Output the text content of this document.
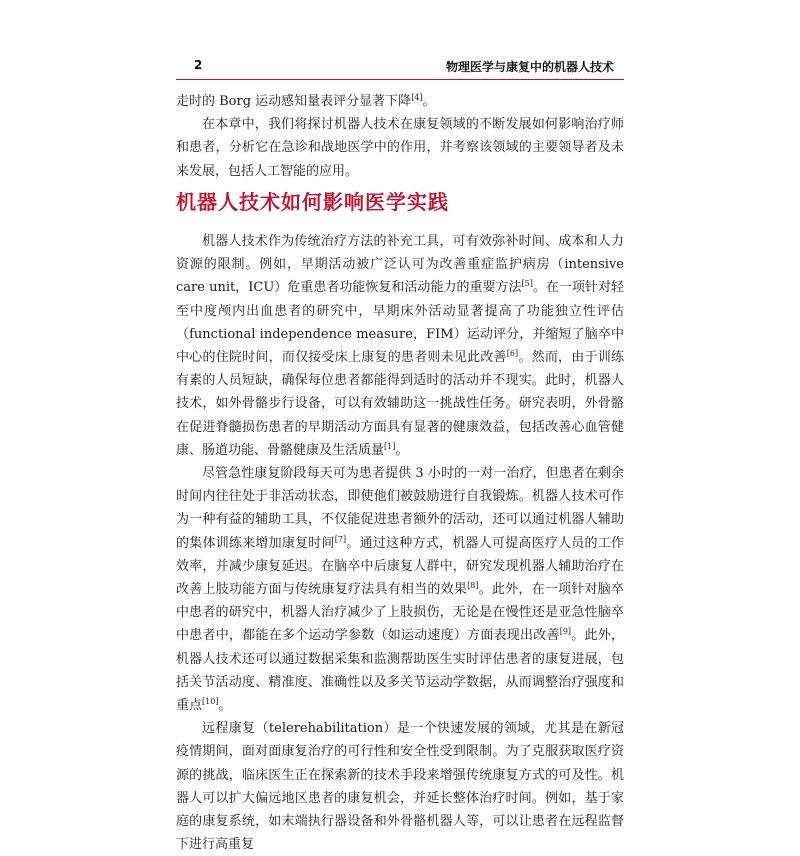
2	物理医学与康复中的机器人技术

走时的 Borg 运动感知量表评分显著下降[4]。

在本章中，我们将探讨机器人技术在康复领域的不断发展如何影响治疗师和患者，分析它在急诊和战地医学中的作用，并考察该领域的主要领导者及未来发展，包括人工智能的应用。

机器人技术如何影响医学实践

机器人技术作为传统治疗方法的补充工具，可有效弥补时间、成本和人力资源的限制。例如，早期活动被广泛认可为改善重症监护病房（intensive care unit，ICU）危重患者功能恢复和活动能力的重要方法[5]。在一项针对轻至中度颅内出血患者的研究中，早期床外活动显著提高了功能独立性评估（functional independence measure，FIM）运动评分，并缩短了脑卒中中心的住院时间，而仅接受床上康复的患者则未见此改善[6]。然而，由于训练有素的人员短缺，确保每位患者都能得到适时的活动并不现实。此时，机器人技术，如外骨骼步行设备，可以有效辅助这一挑战性任务。研究表明，外骨骼在促进脊髓损伤患者的早期活动方面具有显著的健康效益，包括改善心血管健康、肠道功能、骨骼健康及生活质量[1]。

尽管急性康复阶段每天可为患者提供 3 小时的一对一治疗，但患者在剩余时间内往往处于非活动状态，即使他们被鼓励进行自我锻炼。机器人技术可作为一种有益的辅助工具，不仅能促进患者额外的活动，还可以通过机器人辅助的集体训练来增加康复时间[7]。通过这种方式，机器人可提高医疗人员的工作效率，并减少康复延迟。在脑卒中后康复人群中，研究发现机器人辅助治疗在改善上肢功能方面与传统康复疗法具有相当的效果[8]。此外，在一项针对脑卒中患者的研究中，机器人治疗减少了上肢损伤，无论是在慢性还是亚急性脑卒中患者中，都能在多个运动学参数（如运动速度）方面表现出改善[9]。此外，机器人技术还可以通过数据采集和监测帮助医生实时评估患者的康复进展，包括关节活动度、精准度、准确性以及多关节运动学数据，从而调整治疗强度和重点[10]。

远程康复（telerehabilitation）是一个快速发展的领域，尤其是在新冠疫情期间，面对面康复治疗的可行性和安全性受到限制。为了克服获取医疗资源的挑战，临床医生正在探索新的技术手段来增强传统康复方式的可及性。机器人可以扩大偏远地区患者的康复机会，并延长整体治疗时间。例如，基于家庭的康复系统，如末端执行器设备和外骨骼机器人等，可以让患者在远程监督下进行高重复
